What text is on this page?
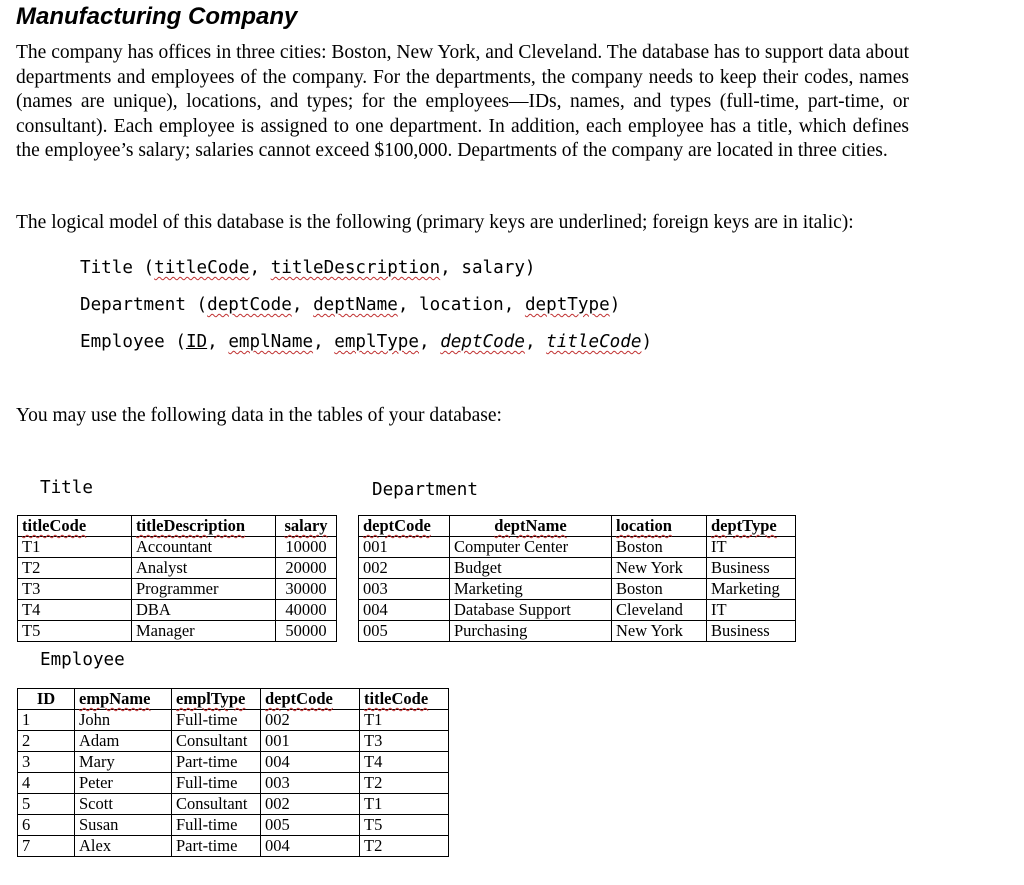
Manufacturing Company

The company has offices in three cities: Boston, New York, and Cleveland. The database has to support data about departments and employees of the company. For the departments, the company needs to keep their codes, names (names are unique), locations, and types; for the employees—IDs, names, and types (full-time, part-time, or consultant). Each employee is assigned to one department. In addition, each employee has a title, which defines the employee’s salary; salaries cannot exceed $100,000. Departments of the company are located in three cities.

The logical model of this database is the following (primary keys are underlined; foreign keys are in italic):

Title (titleCode, titleDescription, salary)
Department (deptCode, deptName, location, deptType)
Employee (ID, emplName, emplType, deptCode, titleCode)

You may use the following data in the tables of your database:

Title	Department
titleCode	titleDescription	salary
T1	Accountant	10000
T2	Analyst	20000
T3	Programmer	30000
T4	DBA	40000
T5	Manager	50000
deptCode	deptName	location	deptType
001	Computer Center	Boston	IT
002	Budget	New York	Business
003	Marketing	Boston	Marketing
004	Database Support	Cleveland	IT
005	Purchasing	New York	Business
Employee
ID	empName	emplType	deptCode	titleCode
1	John	Full-time	002	T1
2	Adam	Consultant	001	T3
3	Mary	Part-time	004	T4
4	Peter	Full-time	003	T2
5	Scott	Consultant	002	T1
6	Susan	Full-time	005	T5
7	Alex	Part-time	004	T2
